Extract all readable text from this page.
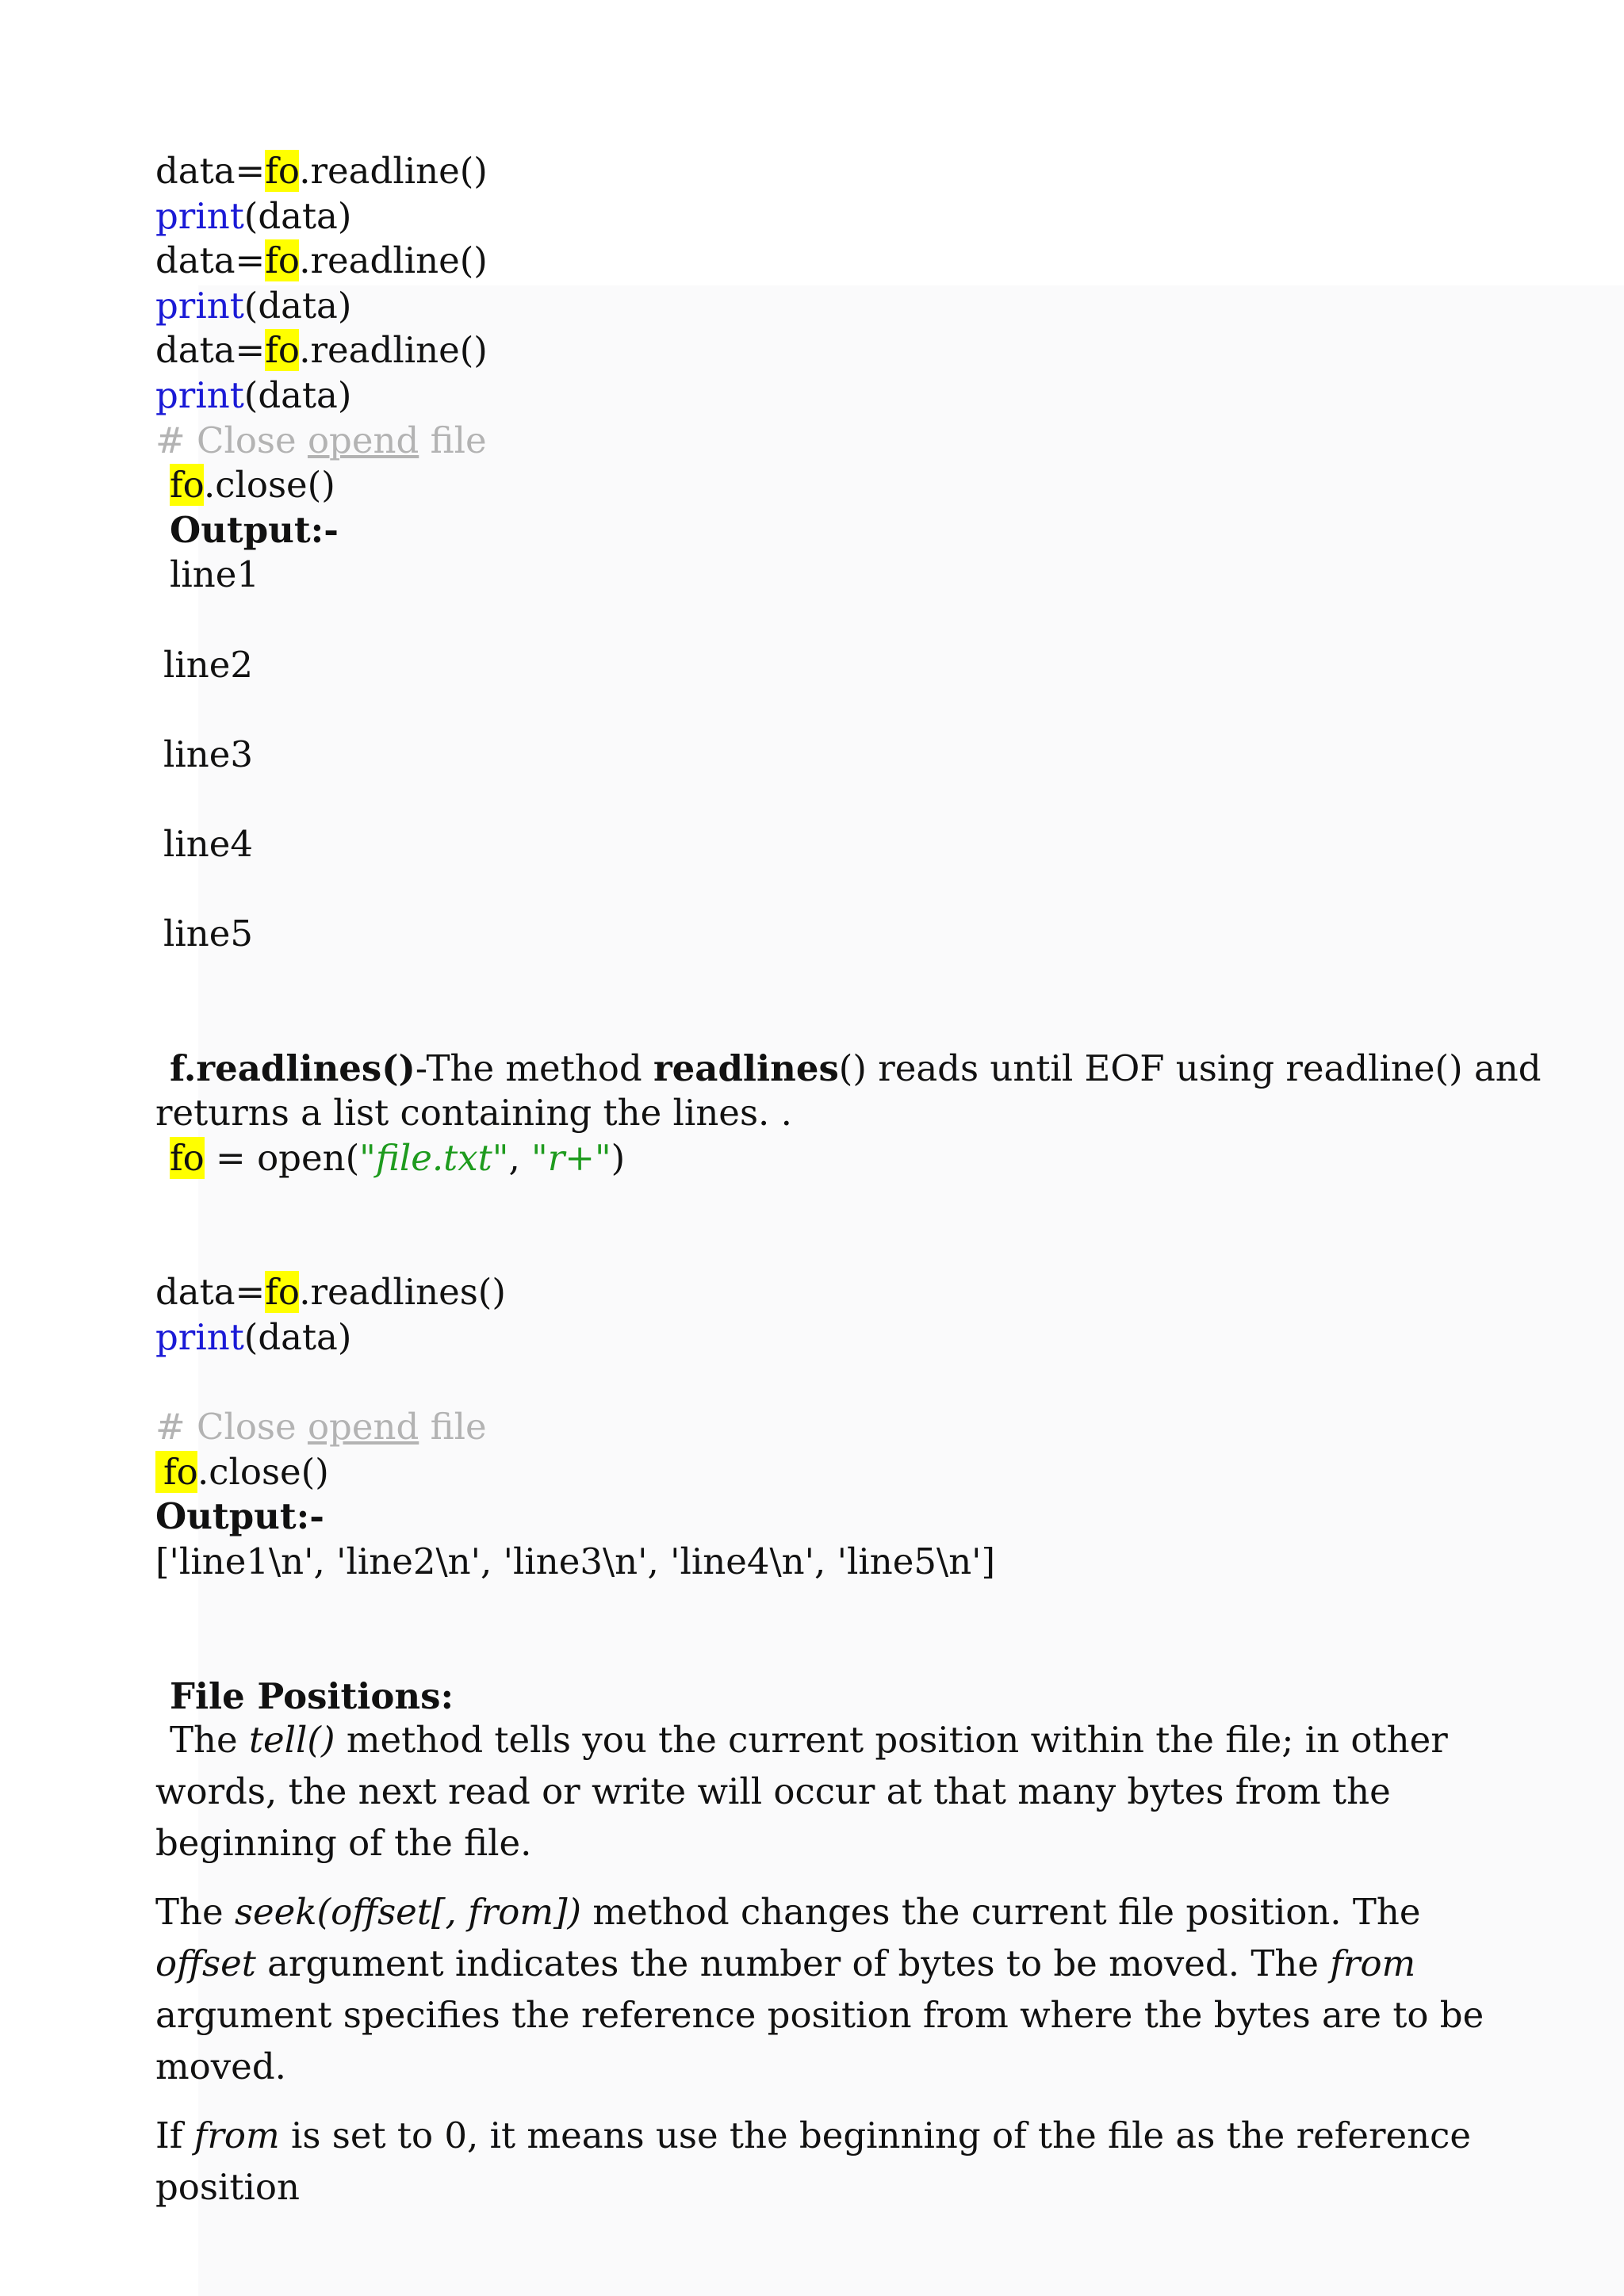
data=fo.readline()
print(data)
data=fo.readline()
print(data)
data=fo.readline()
print(data)
# Close opend file
fo.close()
Output:-
line1
line2
line3
line4
line5
f.readlines()-The method readlines() reads until EOF using readline() and
returns a list containing the lines. .
fo = open("file.txt", "r+")
data=fo.readlines()
print(data)
# Close opend file
fo.close()
Output:-
['line1\n', 'line2\n', 'line3\n', 'line4\n', 'line5\n']
File Positions:
The tell() method tells you the current position within the file; in other words, the next read or write will occur at that many bytes from the beginning of the file.
The seek(offset[, from]) method changes the current file position. The offset argument indicates the number of bytes to be moved. The from argument specifies the reference position from where the bytes are to be moved.
If from is set to 0, it means use the beginning of the file as the reference position
